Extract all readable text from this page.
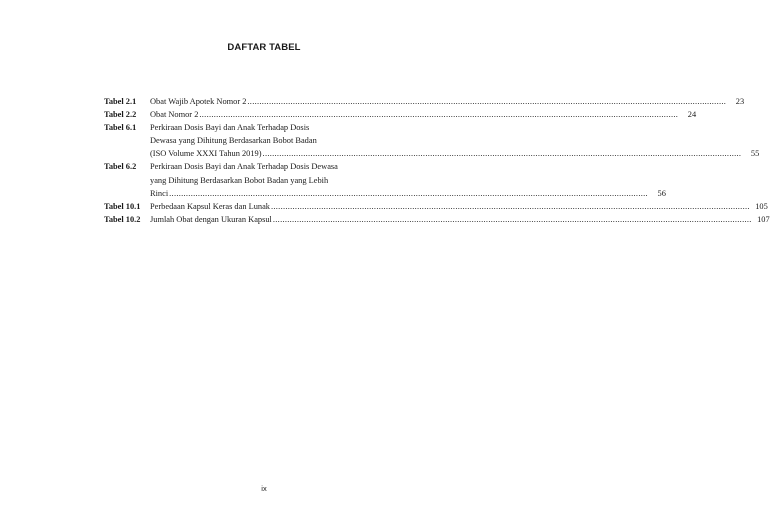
DAFTAR TABEL
Tabel 2.1	Obat Wajib Apotek Nomor 2 ........................................................................................................................................................................................................	23
Tabel 2.2	Obat Nomor 2 ........................................................................................................................................................................................................	24
Tabel 6.1	Perkiraan Dosis Bayi dan Anak Terhadap Dosis
Dewasa yang Dihitung Berdasarkan Bobot Badan
(ISO Volume XXXI Tahun 2019) ........................................................................................................................................................................................................	55
Tabel 6.2	Perkiraan Dosis Bayi dan Anak Terhadap Dosis Dewasa
yang Dihitung Berdasarkan Bobot Badan yang Lebih
Rinci ........................................................................................................................................................................................................	56
Tabel 10.1	Perbedaan Kapsul Keras dan Lunak ........................................................................................................................................................................................................ 105
Tabel 10.2	Jumlah Obat dengan Ukuran Kapsul ........................................................................................................................................................................................................ 107
ix
